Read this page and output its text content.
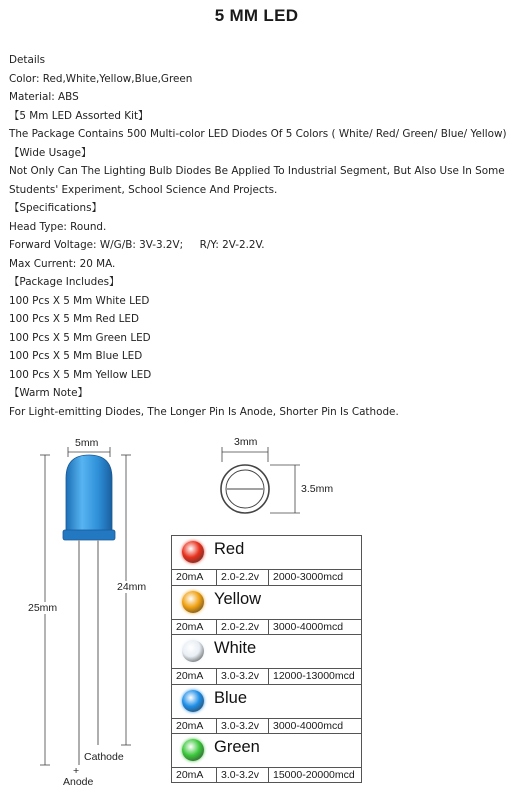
5 MM LED
Details
Color: Red,White,Yellow,Blue,Green
Material: ABS
【5 Mm LED Assorted Kit】
The Package Contains 500 Multi-color LED Diodes Of 5 Colors ( White/ Red/ Green/ Blue/ Yellow)
【Wide Usage】
Not Only Can The Lighting Bulb Diodes Be Applied To Industrial Segment, But Also Use In Some Students' Experiment, School Science And Projects.
【Specifications】
Head Type: Round.
Forward Voltage: W/G/B: 3V-3.2V;     R/Y: 2V-2.2V.
Max Current: 20 MA.
【Package Includes】
100 Pcs X 5 Mm White LED
100 Pcs X 5 Mm Red LED
100 Pcs X 5 Mm Green LED
100 Pcs X 5 Mm Blue LED
100 Pcs X 5 Mm Yellow LED
【Warm Note】
For Light-emitting Diodes, The Longer Pin Is Anode, Shorter Pin Is Cathode.
5mm
24mm
25mm
Cathode
+
Anode
3mm
3.5mm
Red
20mA	2.0-2.2v	2000-3000mcd
Yellow
20mA	2.0-2.2v	3000-4000mcd
White
20mA	3.0-3.2v	12000-13000mcd
Blue
20mA	3.0-3.2v	3000-4000mcd
Green
20mA	3.0-3.2v	15000-20000mcd
